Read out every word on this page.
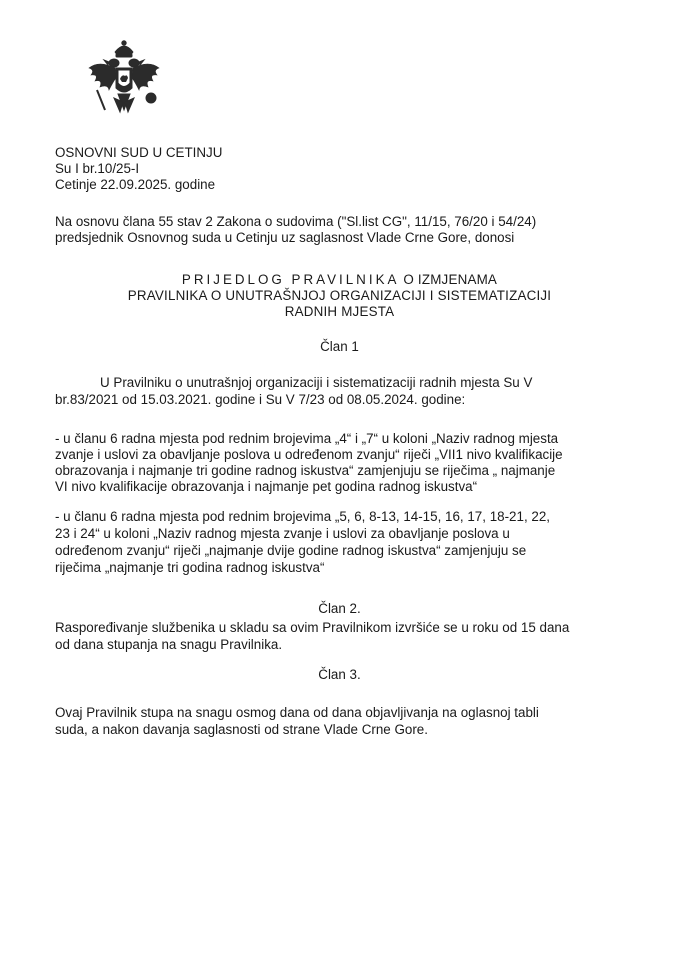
OSNOVNI SUD U CETINJU
Su I br.10/25-I
Cetinje 22.09.2025. godine
Na osnovu člana 55 stav 2 Zakona o sudovima ("Sl.list CG", 11/15, 76/20 i 54/24)
predsjednik Osnovnog suda u Cetinju uz saglasnost Vlade Crne Gore, donosi
PRIJEDLOG PRAVILNIKA O IZMJENAMA
PRAVILNIKA O UNUTRAŠNJOJ ORGANIZACIJI I SISTEMATIZACIJI
RADNIH MJESTA
Član 1
U Pravilniku o unutrašnjoj organizaciji i sistematizaciji radnih mjesta Su V
br.83/2021 od 15.03.2021. godine i Su V 7/23 od 08.05.2024. godine:
- u članu 6 radna mjesta pod rednim brojevima „4“ i „7“ u koloni „Naziv radnog mjesta
zvanje i uslovi za obavljanje poslova u određenom zvanju“ riječi „VII1 nivo kvalifikacije
obrazovanja i najmanje tri godine radnog iskustva“ zamjenjuju se riječima „ najmanje
VI nivo kvalifikacije obrazovanja i najmanje pet godina radnog iskustva“
- u članu 6 radna mjesta pod rednim brojevima „5, 6, 8-13, 14-15, 16, 17, 18-21, 22,
23 i 24“ u koloni „Naziv radnog mjesta zvanje i uslovi za obavljanje poslova u
određenom zvanju“ riječi „najmanje dvije godine radnog iskustva“ zamjenjuju se
riječima „najmanje tri godina radnog iskustva“
Član 2.
Raspoređivanje službenika u skladu sa ovim Pravilnikom izvršiće se u roku od 15 dana
od dana stupanja na snagu Pravilnika.
Član 3.
Ovaj Pravilnik stupa na snagu osmog dana od dana objavljivanja na oglasnoj tabli
suda, a nakon davanja saglasnosti od strane Vlade Crne Gore.
